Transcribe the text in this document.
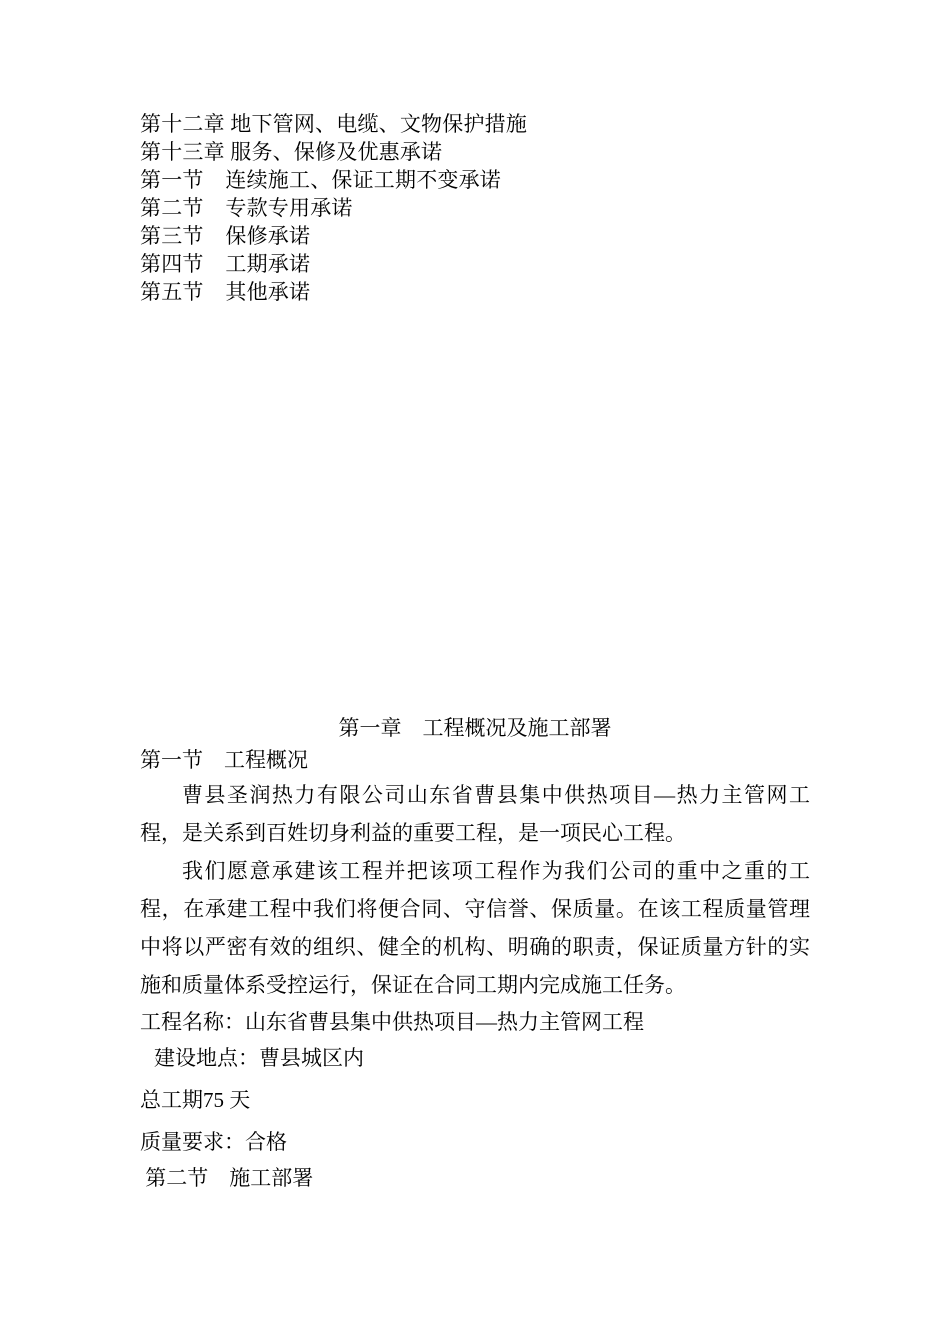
第十二章 地下管网、电缆、文物保护措施
第十三章 服务、保修及优惠承诺
第一节    连续施工、保证工期不变承诺
第二节    专款专用承诺
第三节    保修承诺
第四节    工期承诺
第五节    其他承诺
第一章    工程概况及施工部署
第一节    工程概况

曹县圣润热力有限公司山东省曹县集中供热项目—热力主管网工程，是关系到百姓切身利益的重要工程，是一项民心工程。

我们愿意承建该工程并把该项工程作为我们公司的重中之重的工程，在承建工程中我们将便合同、守信誉、保质量。在该工程质量管理中将以严密有效的组织、健全的机构、明确的职责，保证质量方针的实施和质量体系受控运行，保证在合同工期内完成施工任务。

工程名称：山东省曹县集中供热项目—热力主管网工程
建设地点：曹县城区内
总工期75 天
质量要求：合格
第二节    施工部署
